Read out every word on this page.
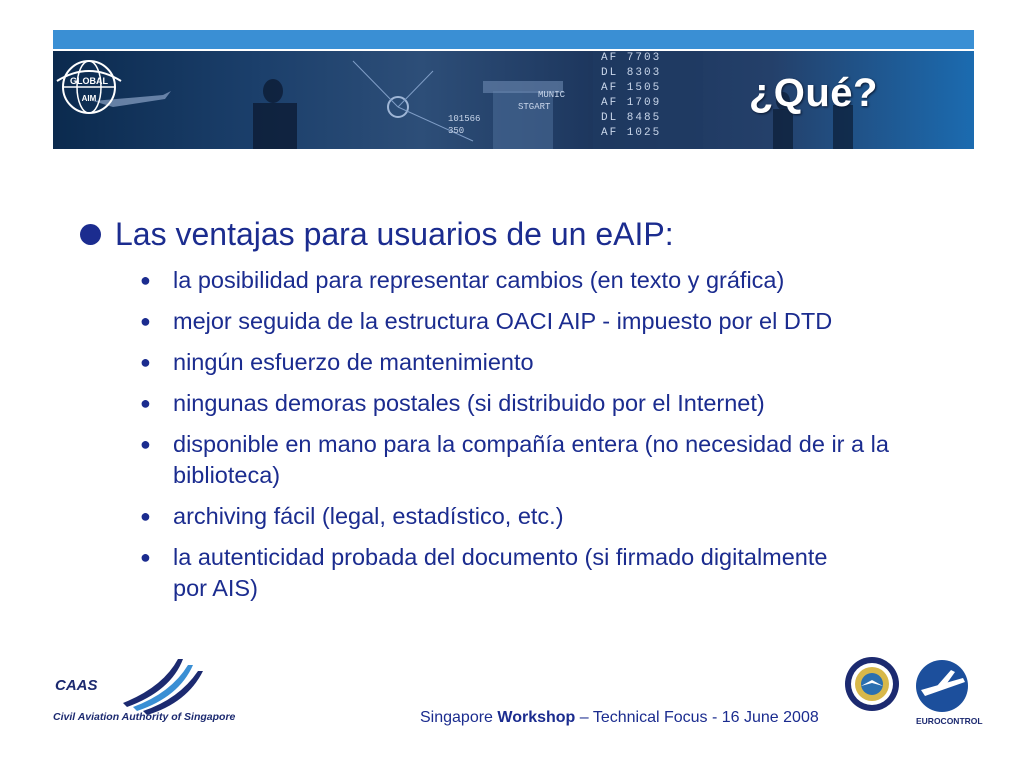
AF 7703
DL 8303
AF 1505
AF 1709
DL 8485
AF 1025
MUNIC
STGART
101566 350
¿Qué?
GLOBAL
AIM
Las ventajas para usuarios de un eAIP:
● la posibilidad para representar cambios (en texto y gráfica)
● mejor seguida de la estructura OACI AIP - impuesto por el DTD
● ningún esfuerzo de mantenimiento
● ningunas demoras postales (si distribuido por el Internet)
● disponible en mano para la compañía entera (no necesidad de ir a la biblioteca)
● archiving fácil (legal, estadístico, etc.)
● la autenticidad probada del documento (si firmado digitalmente por AIS)
CAAS
Civil Aviation Authority of Singapore	Singapore Workshop – Technical Focus - 16 June 2008	EUROCONTROL
